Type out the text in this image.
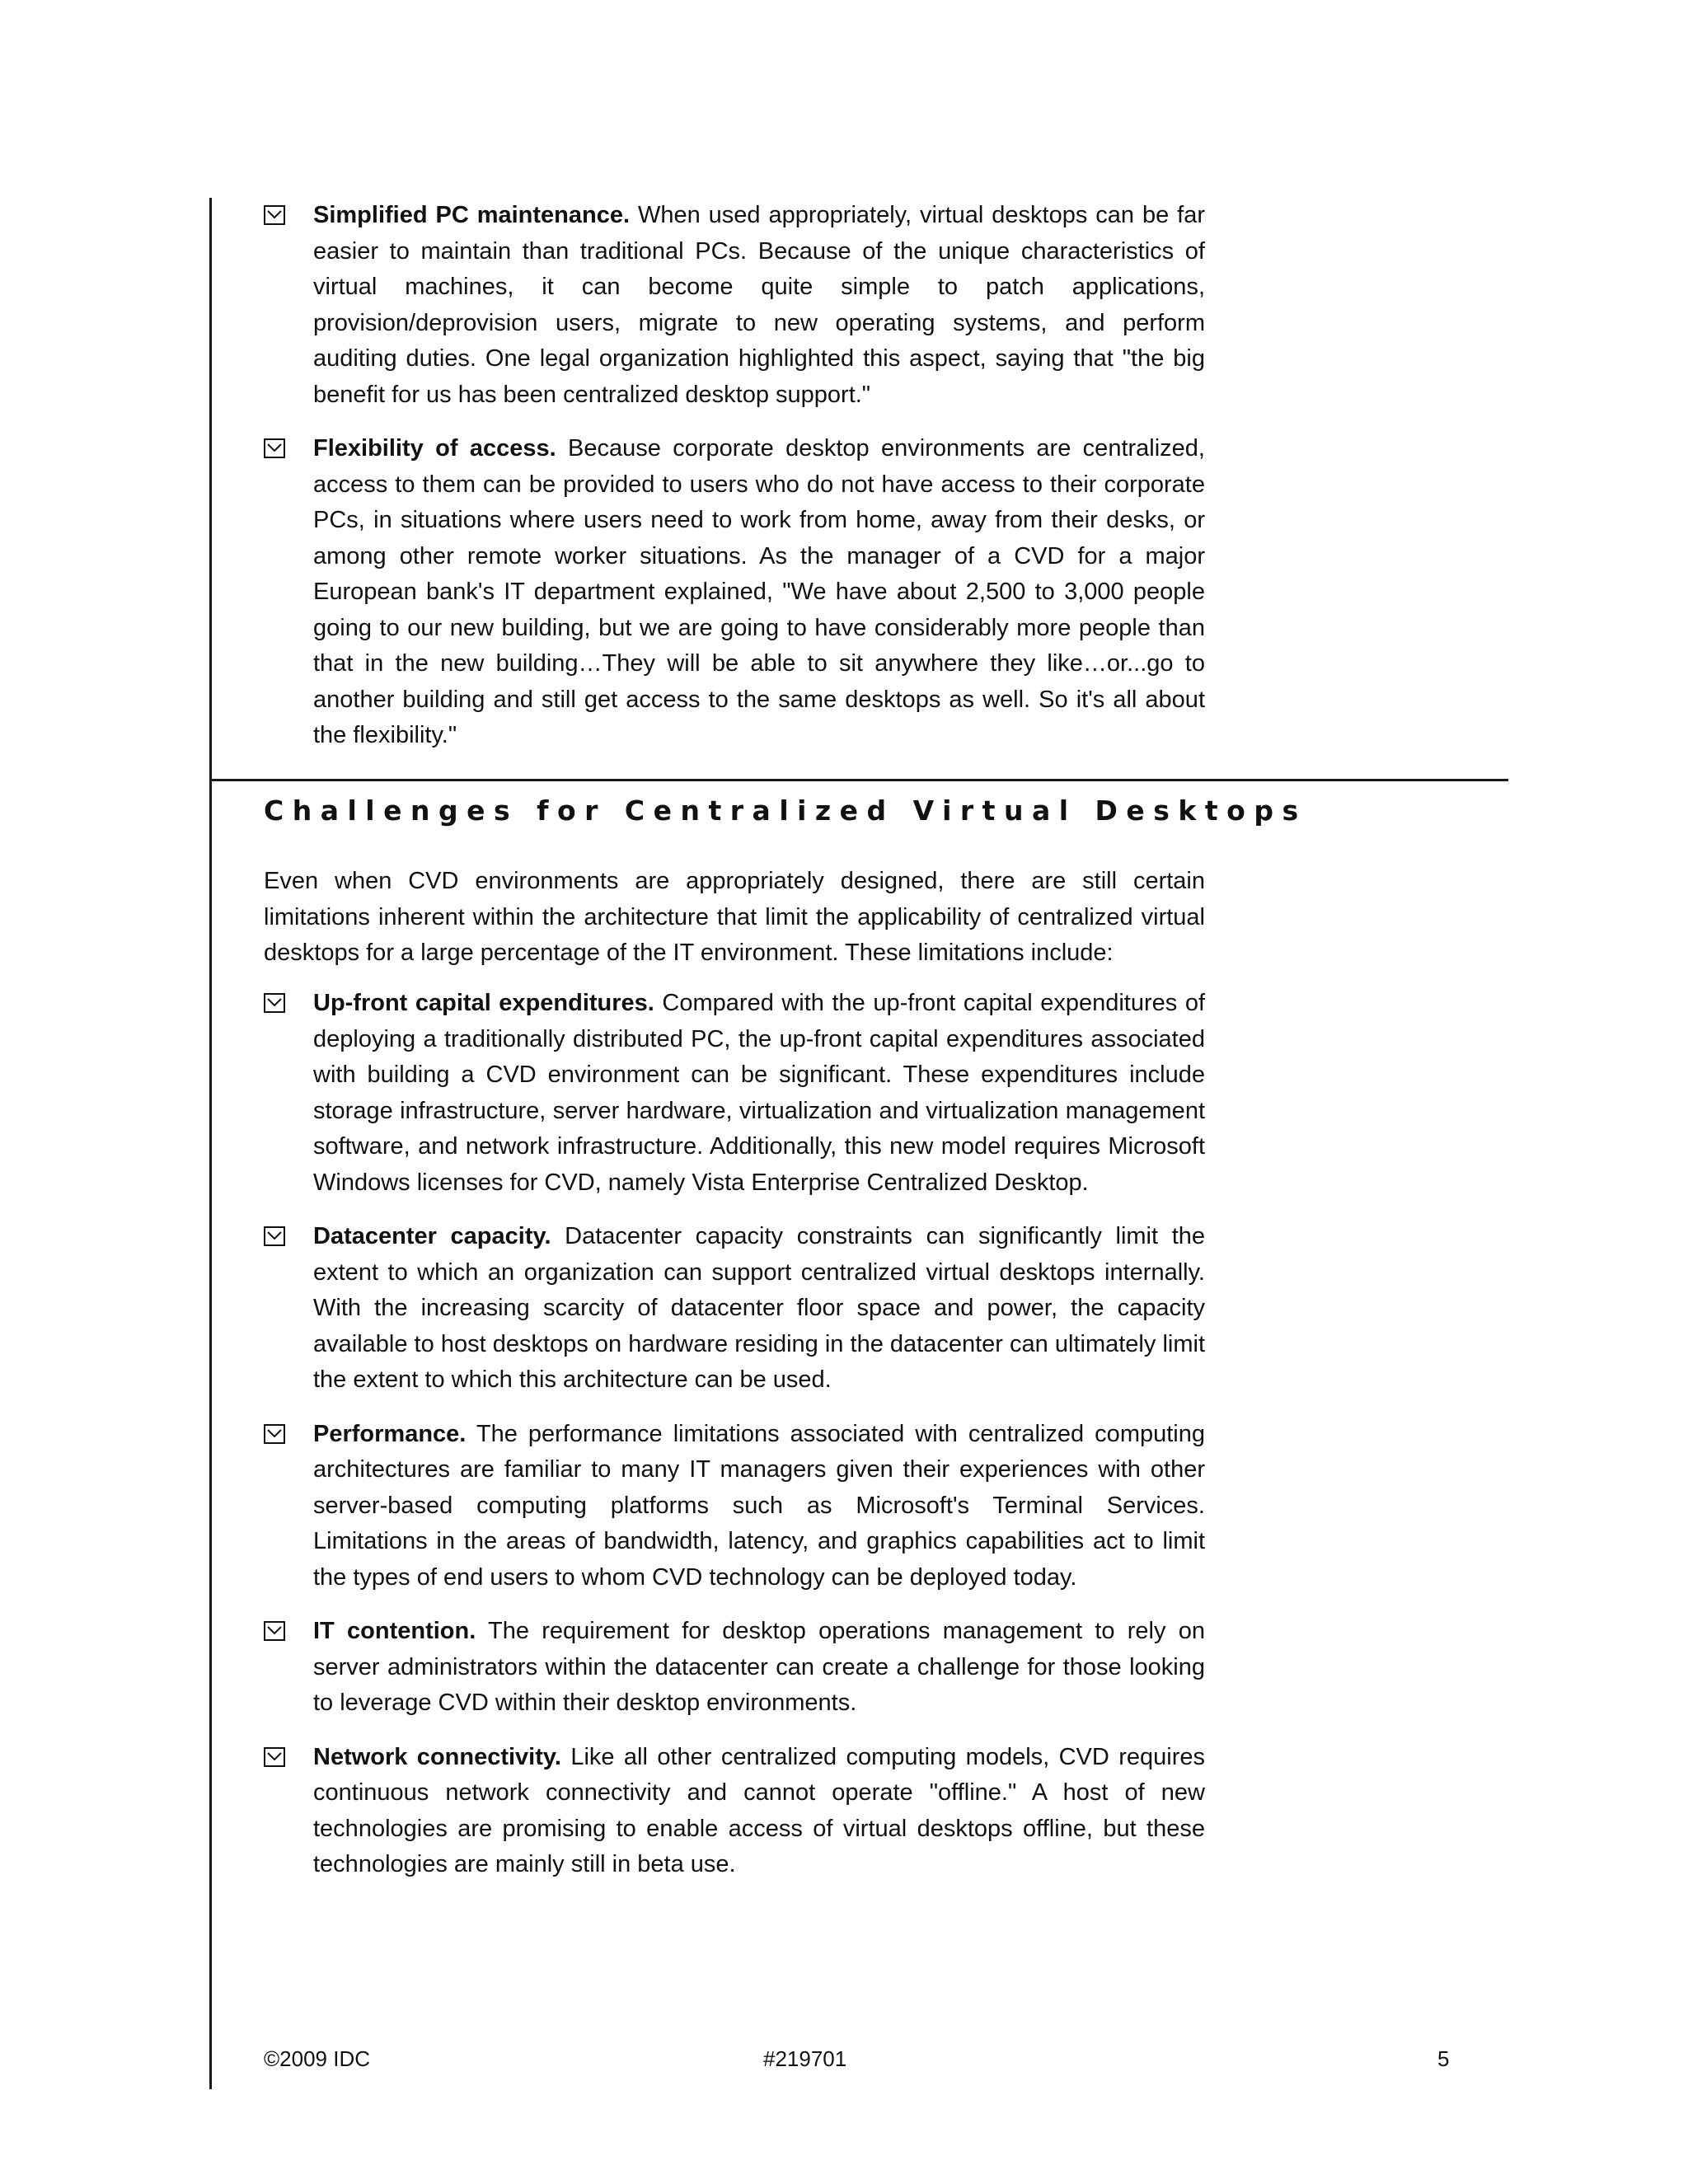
Simplified PC maintenance. When used appropriately, virtual desktops can be far easier to maintain than traditional PCs. Because of the unique characteristics of virtual machines, it can become quite simple to patch applications, provision/deprovision users, migrate to new operating systems, and perform auditing duties. One legal organization highlighted this aspect, saying that "the big benefit for us has been centralized desktop support."
Flexibility of access. Because corporate desktop environments are centralized, access to them can be provided to users who do not have access to their corporate PCs, in situations where users need to work from home, away from their desks, or among other remote worker situations. As the manager of a CVD for a major European bank's IT department explained, "We have about 2,500 to 3,000 people going to our new building, but we are going to have considerably more people than that in the new building…They will be able to sit anywhere they like…or...go to another building and still get access to the same desktops as well. So it's all about the flexibility."
Challenges for Centralized Virtual Desktops
Even when CVD environments are appropriately designed, there are still certain limitations inherent within the architecture that limit the applicability of centralized virtual desktops for a large percentage of the IT environment. These limitations include:
Up-front capital expenditures. Compared with the up-front capital expenditures of deploying a traditionally distributed PC, the up-front capital expenditures associated with building a CVD environment can be significant. These expenditures include storage infrastructure, server hardware, virtualization and virtualization management software, and network infrastructure. Additionally, this new model requires Microsoft Windows licenses for CVD, namely Vista Enterprise Centralized Desktop.
Datacenter capacity. Datacenter capacity constraints can significantly limit the extent to which an organization can support centralized virtual desktops internally. With the increasing scarcity of datacenter floor space and power, the capacity available to host desktops on hardware residing in the datacenter can ultimately limit the extent to which this architecture can be used.
Performance. The performance limitations associated with centralized computing architectures are familiar to many IT managers given their experiences with other server-based computing platforms such as Microsoft's Terminal Services. Limitations in the areas of bandwidth, latency, and graphics capabilities act to limit the types of end users to whom CVD technology can be deployed today.
IT contention. The requirement for desktop operations management to rely on server administrators within the datacenter can create a challenge for those looking to leverage CVD within their desktop environments.
Network connectivity. Like all other centralized computing models, CVD requires continuous network connectivity and cannot operate "offline." A host of new technologies are promising to enable access of virtual desktops offline, but these technologies are mainly still in beta use.
©2009 IDC	#219701	5
